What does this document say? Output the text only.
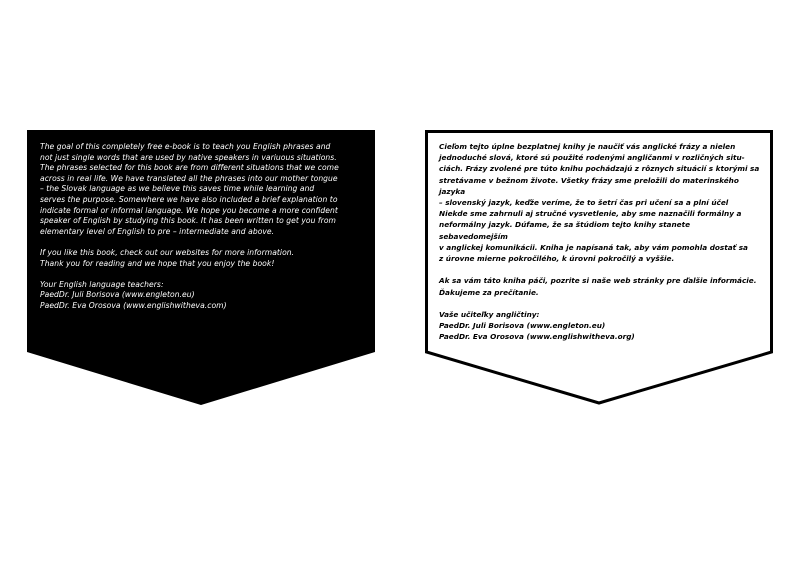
The goal of this completely free e-book is to teach you English phrases and
not just single words that are used by native speakers in variuous situations.
The phrases selected for this book are from different situations that we come
across in real life. We have translated all the phrases into our mother tongue
– the Slovak language as we believe this saves time while learning and
serves the purpose. Somewhere we have also included a brief explanation to
indicate formal or informal language. We hope you become a more confident
speaker of English by studying this book. It has been written to get you from
elementary level of English to pre – intermediate and above.

If you like this book, check out our websites for more information.
Thank you for reading and we hope that you enjoy the book!

Your English language teachers:
PaedDr. Juli Borisova (www.engleton.eu)
PaedDr. Eva Orosova (www.englishwitheva.com)

Cieľom tejto úplne bezplatnej knihy je naučiť vás anglické frázy a nielen
jednoduché slová, ktoré sú použité rodenými angličanmi v rozličných situ-
ciách. Frázy zvolené pre túto knihu pochádzajú z rôznych situácií s ktorými sa
stretávame v bežnom živote. Všetky frázy sme preložili do materinského jazyka
– slovenský jazyk, keďže veríme, že to šetrí čas pri učení sa a plní účel
Niekde sme zahrnuli aj stručné vysvetlenie, aby sme naznačili formálny a
neformálny jazyk. Dúfame, že sa štúdiom tejto knihy stanete sebavedomejším
v anglickej komunikácii. Kniha je napísaná tak, aby vám pomohla dostať sa
z úrovne mierne pokročilého, k úrovni pokročilý a vyššie.

Ak sa vám táto kniha páči, pozrite si naše web stránky pre ďalšie informácie.
Ďakujeme za prečítanie.

Vaše učiteľky angličtiny:
PaedDr. Juli Borisova (www.engleton.eu)
PaedDr. Eva Orosova (www.englishwitheva.org)
